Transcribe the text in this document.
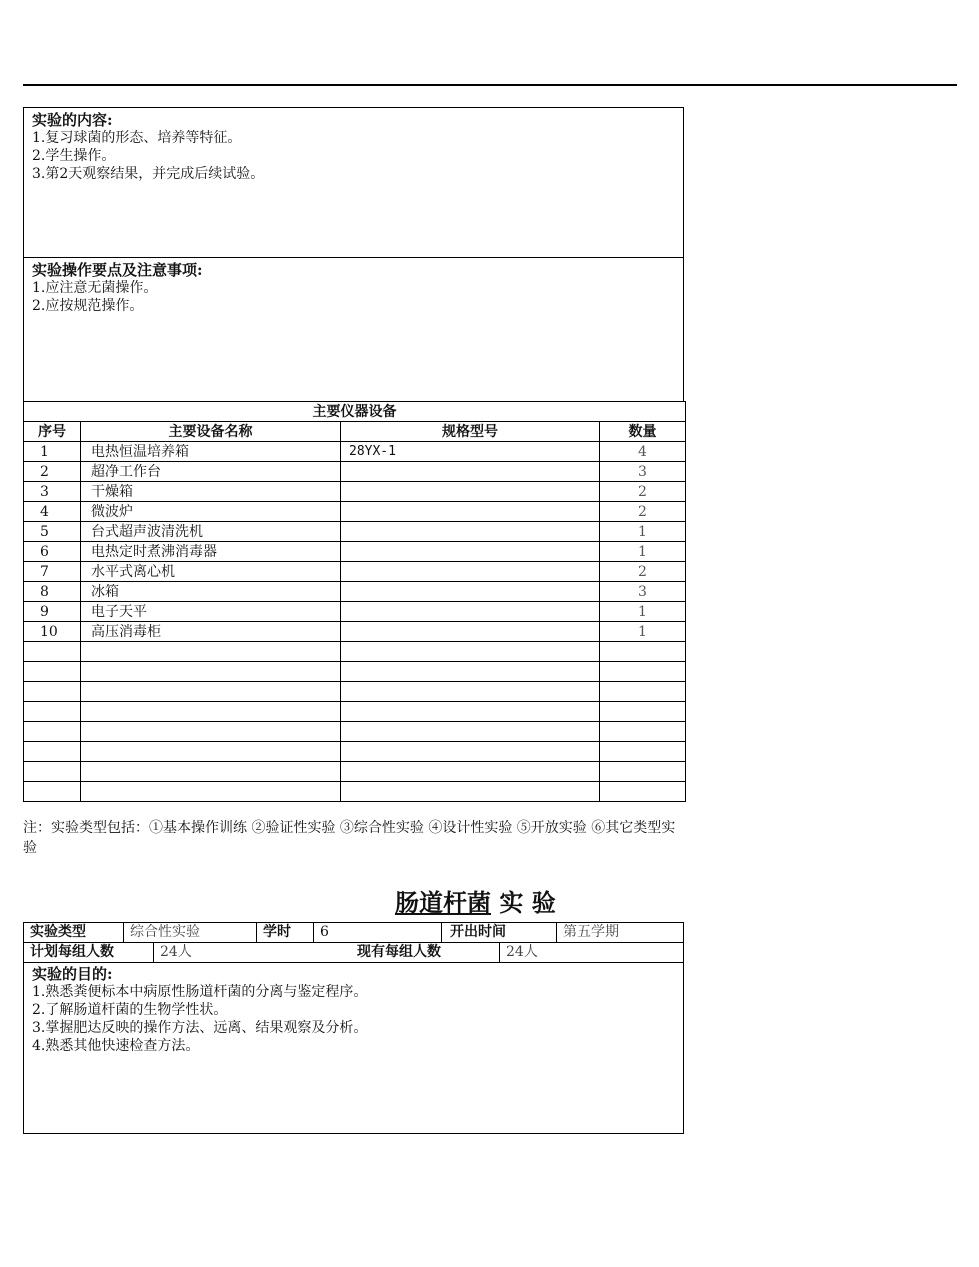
实验的内容:
1.复习球菌的形态、培养等特征。
2.学生操作。
3.第2天观察结果，并完成后续试验。
实验操作要点及注意事项:
1.应注意无菌操作。
2.应按规范操作。
主要仪器设备			
序号	主要设备名称	规格型号	数量
1	电热恒温培养箱	28YX-1	4
2	超净工作台		3
3	干燥箱		2
4	微波炉		2
5	台式超声波清洗机		1
6	电热定时煮沸消毒器		1
7	水平式离心机		2
8	冰箱		3
9	电子天平		1
10	高压消毒柜		1

注：实验类型包括：①基本操作训练 ②验证性实验 ③综合性实验 ④设计性实验 ⑤开放实验 ⑥其它类型实验
肠道杆菌 实 验
实验类型	综合性实验	学时	6	开出时间	第五学期
计划每组人数	24人	现有每组人数	24人
实验的目的:
1.熟悉粪便标本中病原性肠道杆菌的分离与鉴定程序。
2.了解肠道杆菌的生物学性状。
3.掌握肥达反映的操作方法、远离、结果观察及分析。
4.熟悉其他快速检查方法。
